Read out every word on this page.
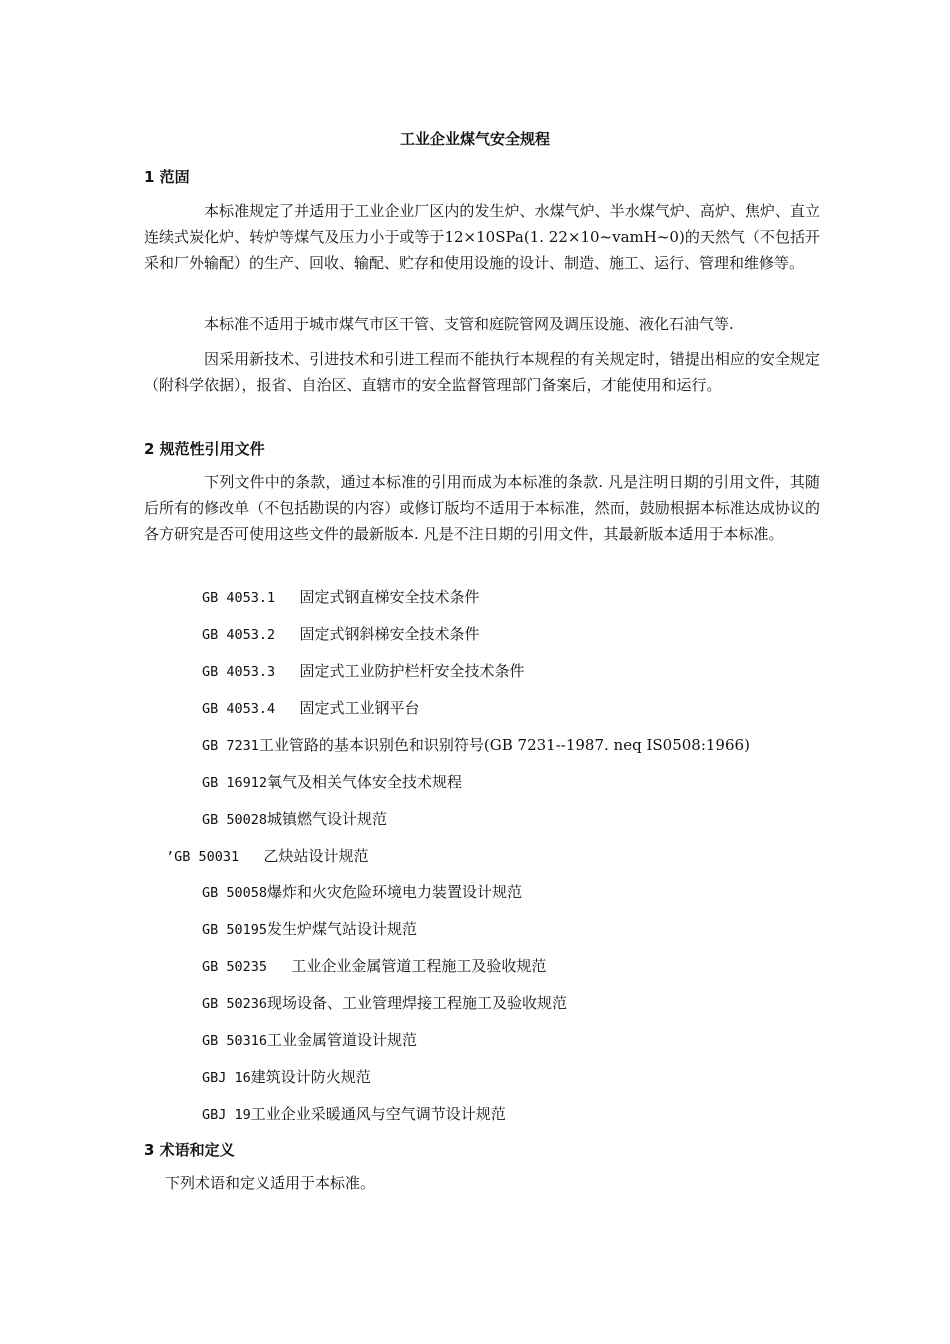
工业企业煤气安全规程
1 范固
本标准规定了并适用于工业企业厂区内的发生炉、水煤气炉、半水煤气炉、高炉、焦炉、直立连续式炭化炉、转炉等煤气及压力小于或等于12×10SPa(1. 22×10~vamH~0)的天然气（不包括开采和厂外输配）的生产、回收、输配、贮存和使用设施的设计、制造、施工、运行、管理和维修等。
本标准不适用于城市煤气市区干管、支管和庭院管网及调压设施、液化石油气等.
因采用新技术、引进技术和引进工程而不能执行本规程的有关规定时，错提出相应的安全规定（附科学依据），报省、自治区、直辖市的安全监督管理部门备案后，才能使用和运行。
2 规范性引用文件
下列文件中的条款，通过本标准的引用而成为本标准的条款. 凡是注明日期的引用文件，其随后所有的修改单（不包括勘误的内容）或修订版均不适用于本标准，然而，鼓励根据本标准达成协议的各方研究是否可使用这些文件的最新版本. 凡是不注日期的引用文件，其最新版本适用于本标准。
GB 4053.1 固定式钢直梯安全技术条件
GB 4053.2 固定式钢斜梯安全技术条件
GB 4053.3 固定式工业防护栏杆安全技术条件
GB 4053.4 固定式工业钢平台
GB 7231工业管路的基本识别色和识别符号(GB 7231--1987. neq IS0508:1966)
GB 16912氧气及相关气体安全技术规程
GB 50028城镇燃气设计规范
’GB 50031 乙炔站设计规范
GB 50058爆炸和火灾危险环境电力装置设计规范
GB 50195发生炉煤气站设计规范
GB 50235 工业企业金属管道工程施工及验收规范
GB 50236现场设备、工业管理焊接工程施工及验收规范
GB 50316工业金属管道设计规范
GBJ 16建筑设计防火规范
GBJ 19工业企业采暖通风与空气调节设计规范
3 术语和定义
下列术语和定义适用于本标准。
